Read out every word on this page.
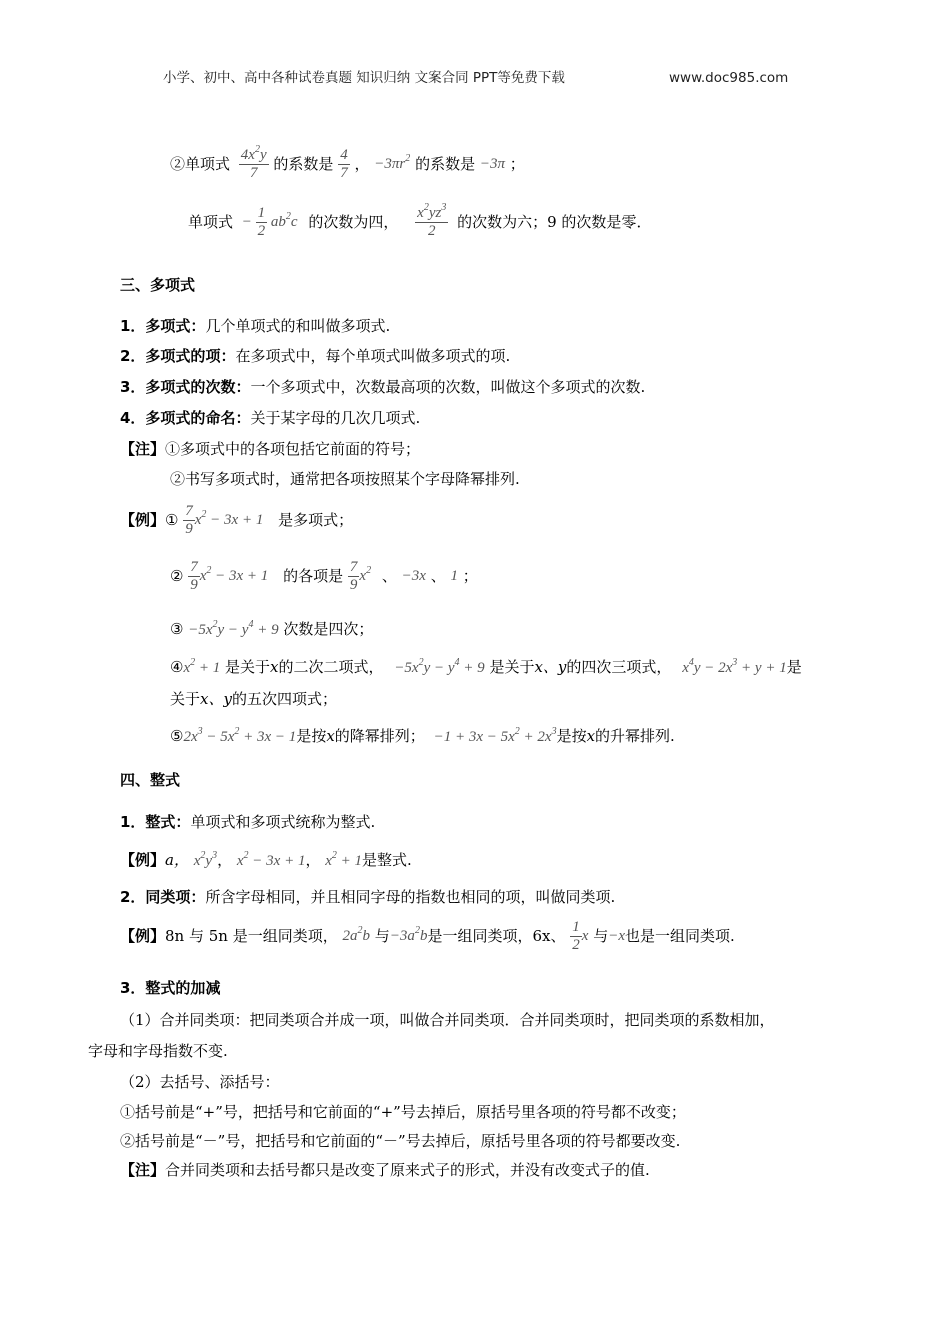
小学、初中、高中各种试卷真题 知识归纳 文案合同 PPT等免费下载	www.doc985.com
②单项式 $\frac{4x^2y}{7}$ 的系数是 $\frac{4}{7}$ ， $-3\pi r^2$ 的系数是 −3π ；
单项式 − $\frac{1}{2} ab^2c$ 的次数为四， $\frac{x^2yz^3}{2}$ 的次数为六；9 的次数是零．
三、多项式
1．多项式：几个单项式的和叫做多项式.
2．多项式的项：在多项式中，每个单项式叫做多项式的项.
3．多项式的次数：一个多项式中，次数最高项的次数，叫做这个多项式的次数.
4．多项式的命名：关于某字母的几次几项式.
【注】①多项式中的各项包括它前面的符号；
②书写多项式时，通常把各项按照某个字母降幂排列.
【例】① $\frac{7}{9} x^2 - 3x + 1$ 是多项式；
② $\frac{7}{9} x^2 - 3x + 1$ 的各项是 $\frac{7}{9} x^2$ 、 −3x 、 1 ；
③ $-5x^2y - y^4 + 9$ 次数是四次；
$④x^2 + 1$ 是关于x的二次二项式， $-5x^2y - y^4 + 9$ 是关于x、y的四次三项式， $x^4y - 2x^3 + y + 1$是
关于x、y的五次四项式；
$⑤2x^3 - 5x^2 + 3x - 1$是按x的降幂排列； $-1 + 3x - 5x^2 + 2x^3$是按x的升幂排列.
四、整式
1．整式：单项式和多项式统称为整式.
【例】a， $x^2y^3$， $x^2 - 3x + 1$， $x^2 + 1$是整式.
2．同类项：所含字母相同，并且相同字母的指数也相同的项，叫做同类项.
【例】8n 与 5n 是一组同类项， $2a^2b$ 与$-3a^2b$是一组同类项，6x、 $\frac{1}{2}$ x 与−x也是一组同类项.
3．整式的加减
（1）合并同类项：把同类项合并成一项，叫做合并同类项．合并同类项时，把同类项的系数相加，
字母和字母指数不变.
（2）去括号、添括号：
①括号前是“+”号，把括号和它前面的“+”号去掉后，原括号里各项的符号都不改变；
②括号前是“－”号，把括号和它前面的“－”号去掉后，原括号里各项的符号都要改变.
【注】合并同类项和去括号都只是改变了原来式子的形式，并没有改变式子的值.
